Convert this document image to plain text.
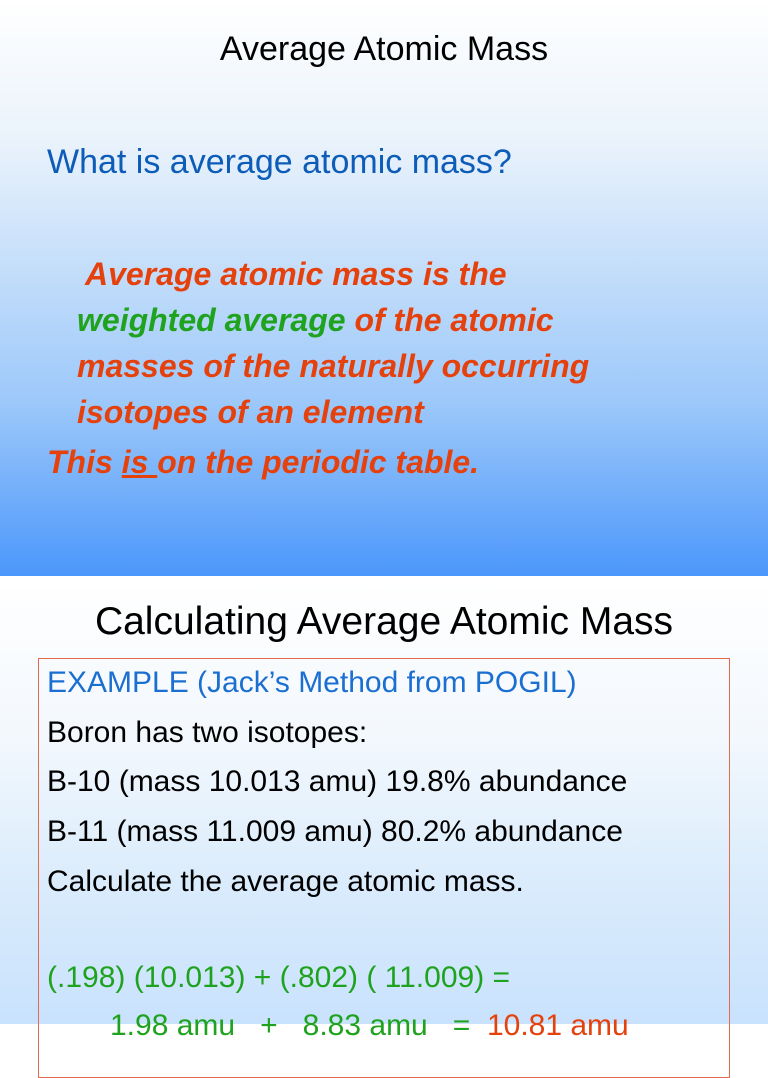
Average Atomic Mass
What is average atomic mass?
Average atomic mass is the
weighted average of the atomic
masses of the naturally occurring
isotopes of an element
This is on the periodic table.
Calculating Average Atomic Mass
EXAMPLE (Jack’s Method from POGIL)
Boron has two isotopes:
B-10 (mass 10.013 amu) 19.8% abundance
B-11 (mass 11.009 amu) 80.2% abundance
Calculate the average atomic mass.
(.198) (10.013) + (.802) ( 11.009) =
1.98 amu + 8.83 amu = 10.81 amu
